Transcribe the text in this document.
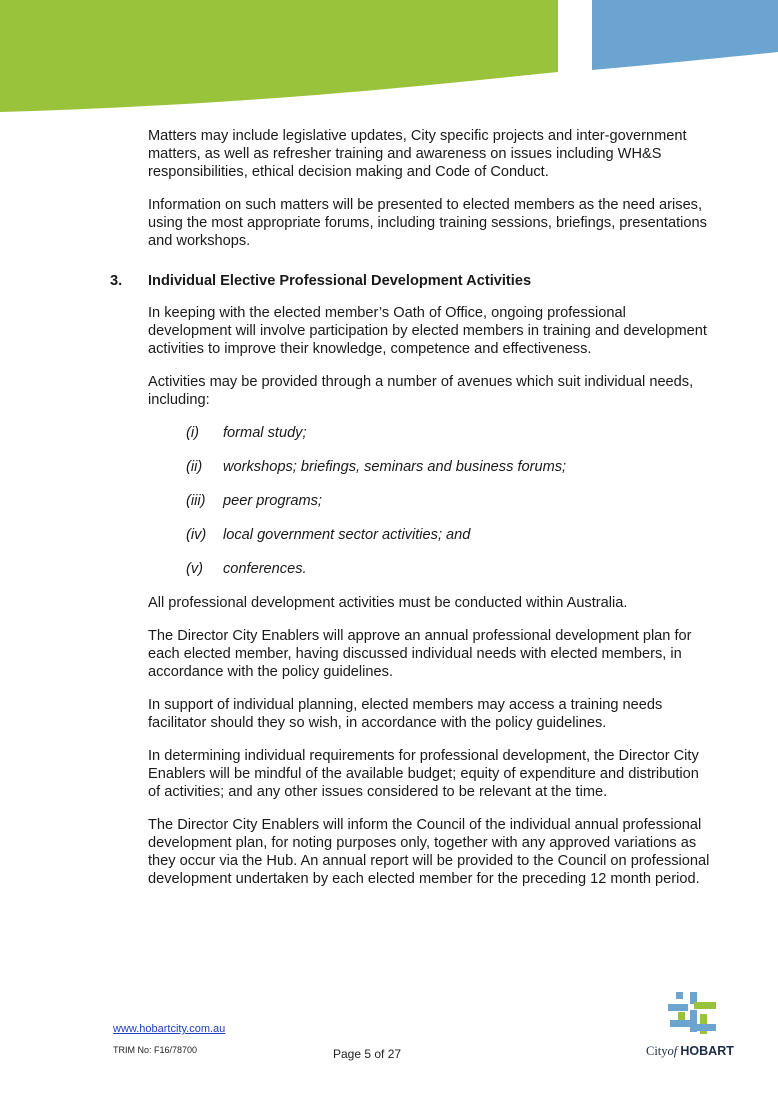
Matters may include legislative updates, City specific projects and inter-government matters, as well as refresher training and awareness on issues including WH&S responsibilities, ethical decision making and Code of Conduct.

Information on such matters will be presented to elected members as the need arises, using the most appropriate forums, including training sessions, briefings, presentations and workshops.

3.	Individual Elective Professional Development Activities

In keeping with the elected member’s Oath of Office, ongoing professional development will involve participation by elected members in training and development activities to improve their knowledge, competence and effectiveness.

Activities may be provided through a number of avenues which suit individual needs, including:

(i)	formal study;
(ii)	workshops; briefings, seminars and business forums;
(iii)	peer programs;
(iv)	local government sector activities; and
(v)	conferences.

All professional development activities must be conducted within Australia.

The Director City Enablers will approve an annual professional development plan for each elected member, having discussed individual needs with elected members, in accordance with the policy guidelines.

In support of individual planning, elected members may access a training needs facilitator should they so wish, in accordance with the policy guidelines.

In determining individual requirements for professional development, the Director City Enablers will be mindful of the available budget; equity of expenditure and distribution of activities; and any other issues considered to be relevant at the time.

The Director City Enablers will inform the Council of the individual annual professional development plan, for noting purposes only, together with any approved variations as they occur via the Hub. An annual report will be provided to the Council on professional development undertaken by each elected member for the preceding 12 month period.

www.hobartcity.com.au
TRIM No: F16/78700	Page 5 of 27	Cityof HOBART
